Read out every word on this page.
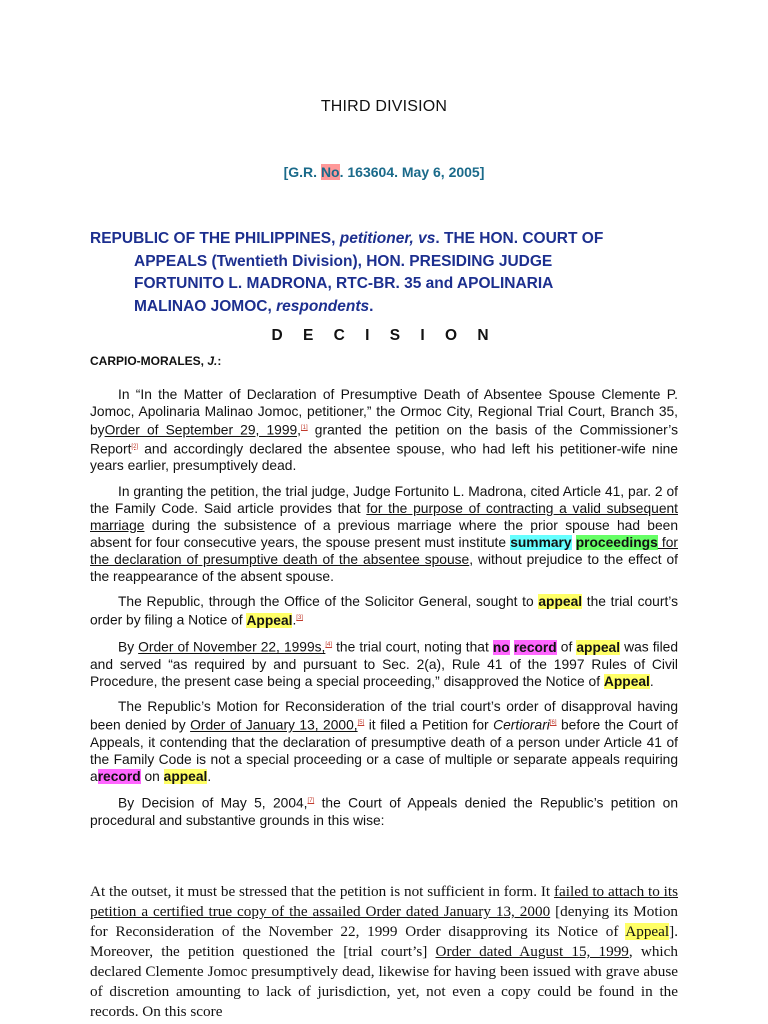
THIRD DIVISION
[G.R. No. 163604. May 6, 2005]
REPUBLIC OF THE PHILIPPINES, petitioner, vs. THE HON. COURT OF
APPEALS (Twentieth Division), HON. PRESIDING JUDGE
FORTUNITO L. MADRONA, RTC-BR. 35 and APOLINARIA
MALINAO JOMOC, respondents.
D E C I S I O N
CARPIO-MORALES, J.:

In “In the Matter of Declaration of Presumptive Death of Absentee Spouse Clemente P. Jomoc, Apolinaria Malinao Jomoc, petitioner,” the Ormoc City, Regional Trial Court, Branch 35, byOrder of September 29, 1999,[1] granted the petition on the basis of the Commissioner’s Report[2] and accordingly declared the absentee spouse, who had left his petitioner-wife nine years earlier, presumptively dead.

In granting the petition, the trial judge, Judge Fortunito L. Madrona, cited Article 41, par. 2 of the Family Code. Said article provides that for the purpose of contracting a valid subsequent marriage during the subsistence of a previous marriage where the prior spouse had been absent for four consecutive years, the spouse present must institute summary proceedings for the declaration of presumptive death of the absentee spouse, without prejudice to the effect of the reappearance of the absent spouse.

The Republic, through the Office of the Solicitor General, sought to appeal the trial court’s order by filing a Notice of Appeal.[3]

By Order of November 22, 1999s,[4] the trial court, noting that no record of appeal was filed and served “as required by and pursuant to Sec. 2(a), Rule 41 of the 1997 Rules of Civil Procedure, the present case being a special proceeding,” disapproved the Notice of Appeal.

The Republic’s Motion for Reconsideration of the trial court’s order of disapproval having been denied by Order of January 13, 2000,[5] it filed a Petition for Certiorari[6] before the Court of Appeals, it contending that the declaration of presumptive death of a person under Article 41 of the Family Code is not a special proceeding or a case of multiple or separate appeals requiring arecord on appeal.

By Decision of May 5, 2004,[7] the Court of Appeals denied the Republic’s petition on procedural and substantive grounds in this wise:

At the outset, it must be stressed that the petition is not sufficient in form. It failed to attach to its petition a certified true copy of the assailed Order dated January 13, 2000 [denying its Motion for Reconsideration of the November 22, 1999 Order disapproving its Notice of Appeal]. Moreover, the petition questioned the [trial court’s] Order dated August 15, 1999, which declared Clemente Jomoc presumptively dead, likewise for having been issued with grave abuse of discretion amounting to lack of jurisdiction, yet, not even a copy could be found in the records. On this score
